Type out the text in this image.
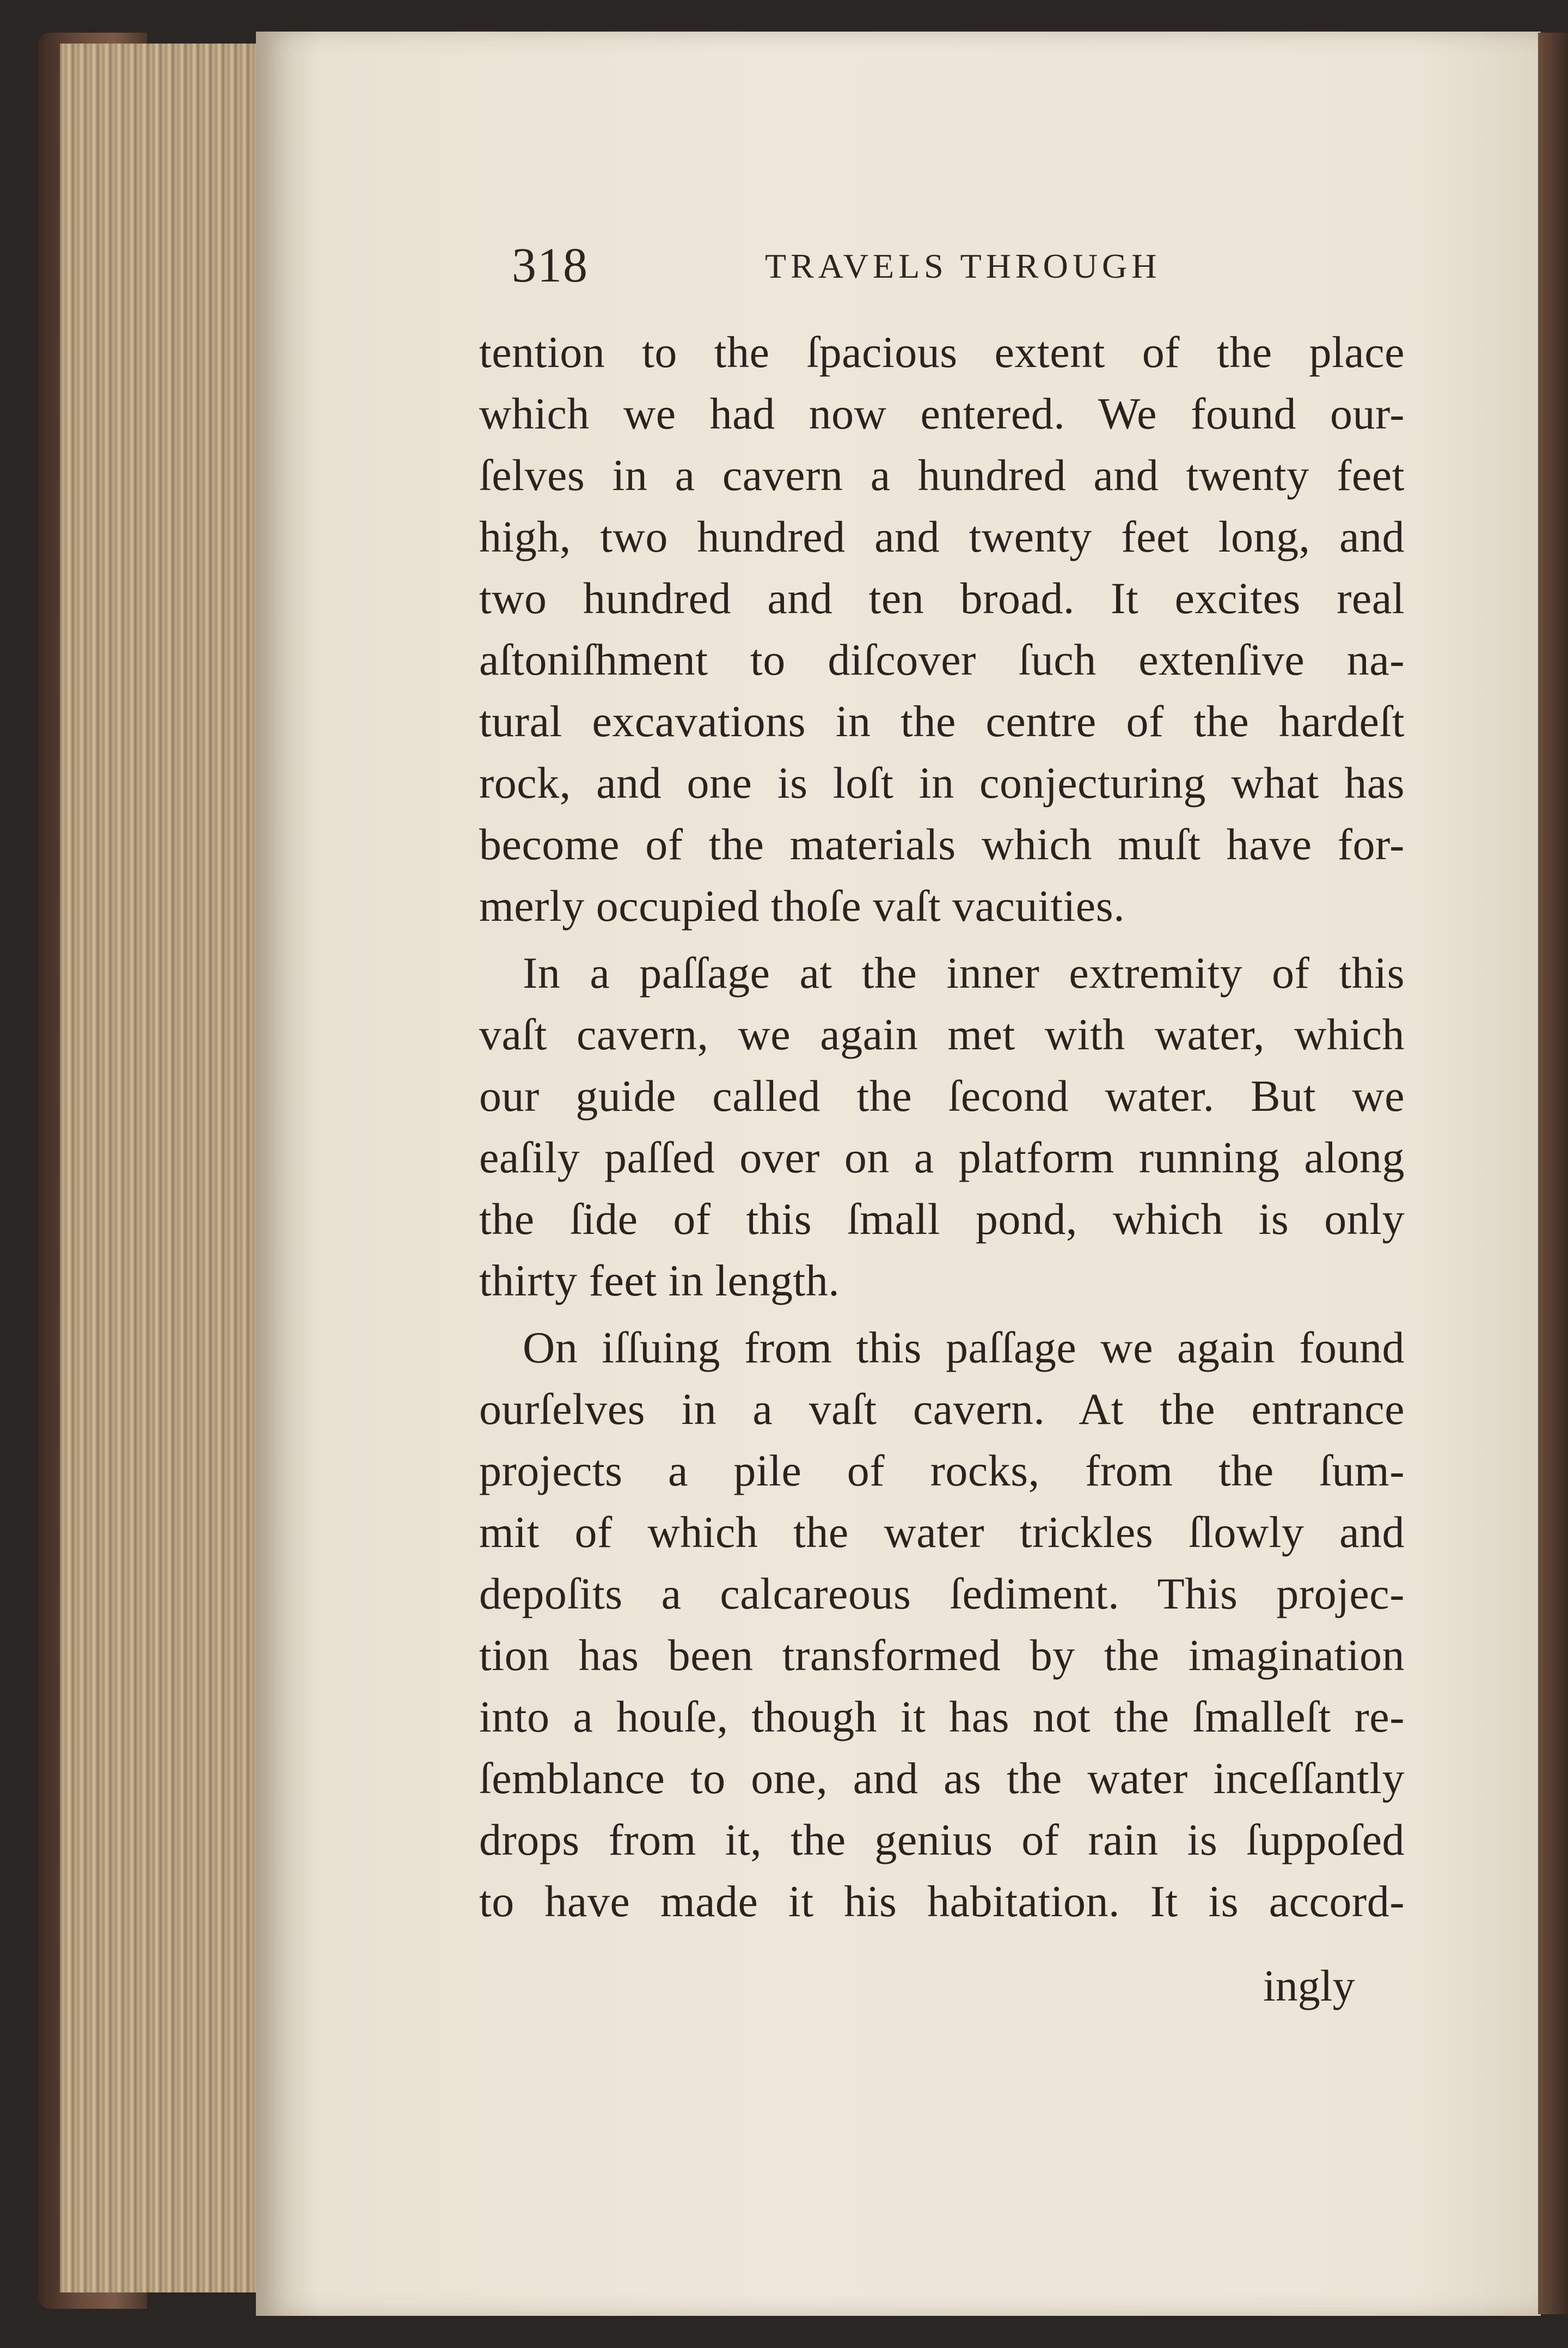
318	TRAVELS THROUGH
tention to the ſpacious extent of the place
which we had now entered. We found our-
ſelves in a cavern a hundred and twenty feet
high, two hundred and twenty feet long, and
two hundred and ten broad. It excites real
aſtoniſhment to diſcover ſuch extenſive na-
tural excavations in the centre of the hardeſt
rock, and one is loſt in conjecturing what has
become of the materials which muſt have for-
merly occupied thoſe vaſt vacuities.
In a paſſage at the inner extremity of this
vaſt cavern, we again met with water, which
our guide called the ſecond water. But we
eaſily paſſed over on a platform running along
the ſide of this ſmall pond, which is only
thirty feet in length.
On iſſuing from this paſſage we again found
ourſelves in a vaſt cavern. At the entrance
projects a pile of rocks, from the ſum-
mit of which the water trickles ſlowly and
depoſits a calcareous ſediment. This projec-
tion has been transformed by the imagination
into a houſe, though it has not the ſmalleſt re-
ſemblance to one, and as the water inceſſantly
drops from it, the genius of rain is ſuppoſed
to have made it his habitation. It is accord-
ingly
